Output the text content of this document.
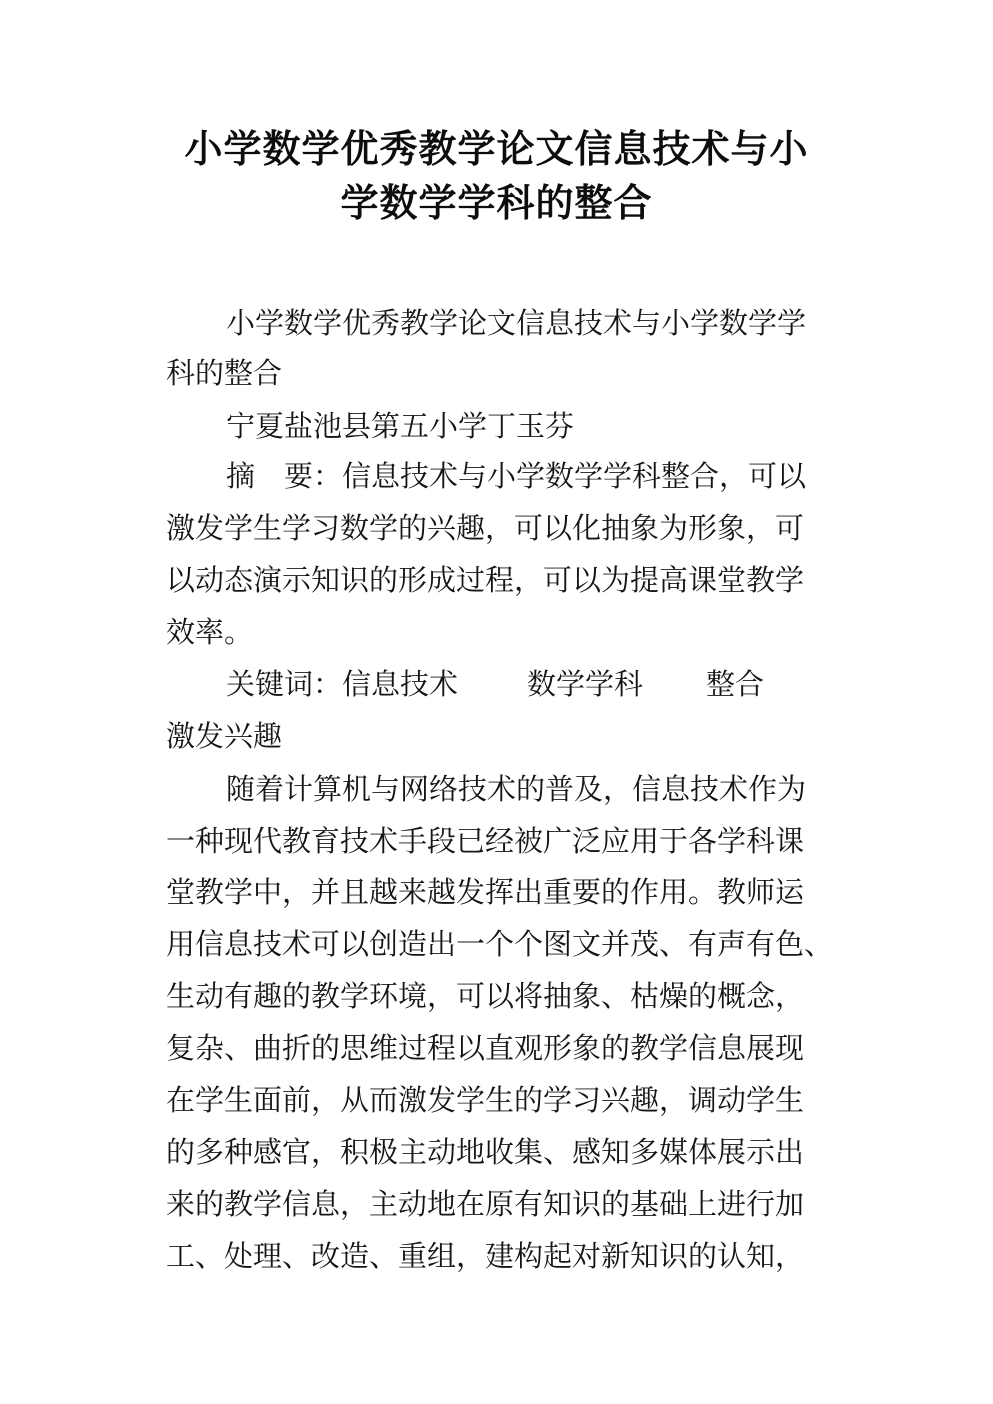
小学数学优秀教学论文信息技术与小
学数学学科的整合
小学数学优秀教学论文信息技术与小学数学学
科的整合
宁夏盐池县第五小学丁玉芬
摘　要：信息技术与小学数学学科整合，可以
激发学生学习数学的兴趣，可以化抽象为形象，可
以动态演示知识的形成过程，可以为提高课堂教学
效率。
关键词：信息技术 数学学科 整合
激发兴趣
随着计算机与网络技术的普及，信息技术作为
一种现代教育技术手段已经被广泛应用于各学科课
堂教学中，并且越来越发挥出重要的作用。教师运
用信息技术可以创造出一个个图文并茂、有声有色、
生动有趣的教学环境，可以将抽象、枯燥的概念，
复杂、曲折的思维过程以直观形象的教学信息展现
在学生面前，从而激发学生的学习兴趣，调动学生
的多种感官，积极主动地收集、感知多媒体展示出
来的教学信息，主动地在原有知识的基础上进行加
工、处理、改造、重组，建构起对新知识的认知，
